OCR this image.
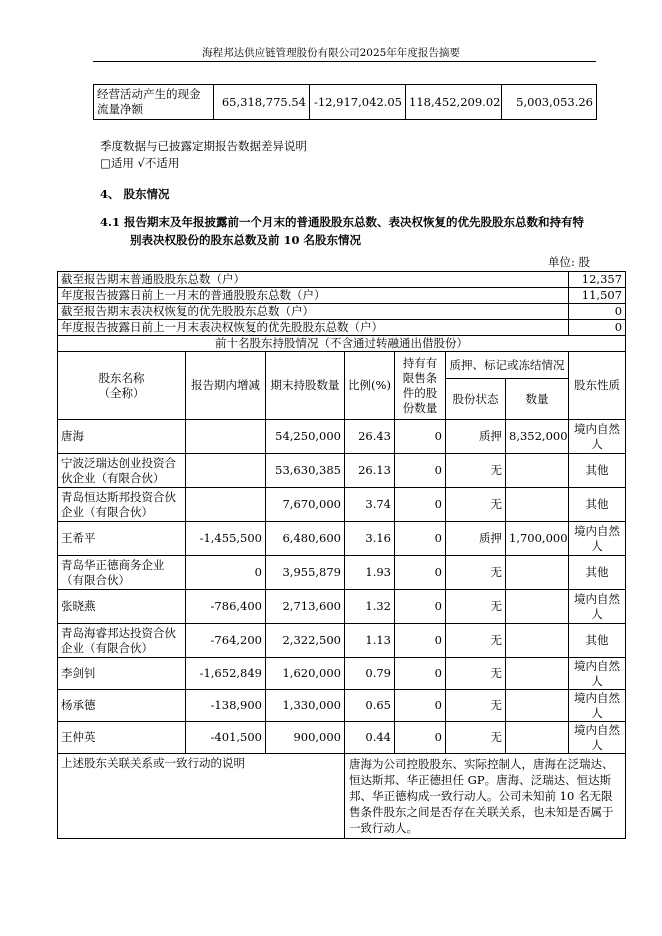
海程邦达供应链管理股份有限公司2025年年度报告摘要
经营活动产生的现金
流量净额
	65,318,775.54	-12,917,042.05	118,452,209.02	5,003,053.26
季度数据与已披露定期报告数据差异说明
□适用 √不适用
4、 股东情况
4.1 报告期末及年报披露前一个月末的普通股股东总数、表决权恢复的优先股股东总数和持有特
别表决权股份的股东总数及前 10 名股东情况
单位: 股
截至报告期末普通股股东总数（户）							12,357
年度报告披露日前上一月末的普通股股东总数（户）							11,507
截至报告期末表决权恢复的优先股股东总数（户）							0
年度报告披露日前上一月末表决权恢复的优先股股东总数（户）							0
前十名股东持股情况（不含通过转融通出借股份）							

股东名称
（全称）	报告期内增减	期末持股数量	比例(%)	持有有限售条件的股份数量	质押、标记或冻结情况		股东性质
					股份状态	数量	
唐海		54,250,000	26.43	0	质押	8,352,000	境内自然人
宁波泛瑞达创业投资合伙企业（有限合伙）		53,630,385	26.13	0	无		其他
青岛恒达斯邦投资合伙企业（有限合伙）		7,670,000	3.74	0	无		其他
王希平	-1,455,500	6,480,600	3.16	0	质押	1,700,000	境内自然人
青岛华正德商务企业（有限合伙）	0	3,955,879	1.93	0	无		其他
张晓燕	-786,400	2,713,600	1.32	0	无		境内自然人
青岛海睿邦达投资合伙企业（有限合伙）	-764,200	2,322,500	1.13	0	无		其他
李剑钊	-1,652,849	1,620,000	0.79	0	无		境内自然人
杨承德	-138,900	1,330,000	0.65	0	无		境内自然人
王仲英	-401,500	900,000	0.44	0	无		境内自然人
上述股东关联关系或一致行动的说明			唐海为公司控股股东、实际控制人，唐海在泛瑞达、恒达斯邦、华正德担任 GP。唐海、泛瑞达、恒达斯邦、华正德构成一致行动人。公司未知前 10 名无限售条件股东之间是否存在关联关系，也未知是否属于一致行动人。				
